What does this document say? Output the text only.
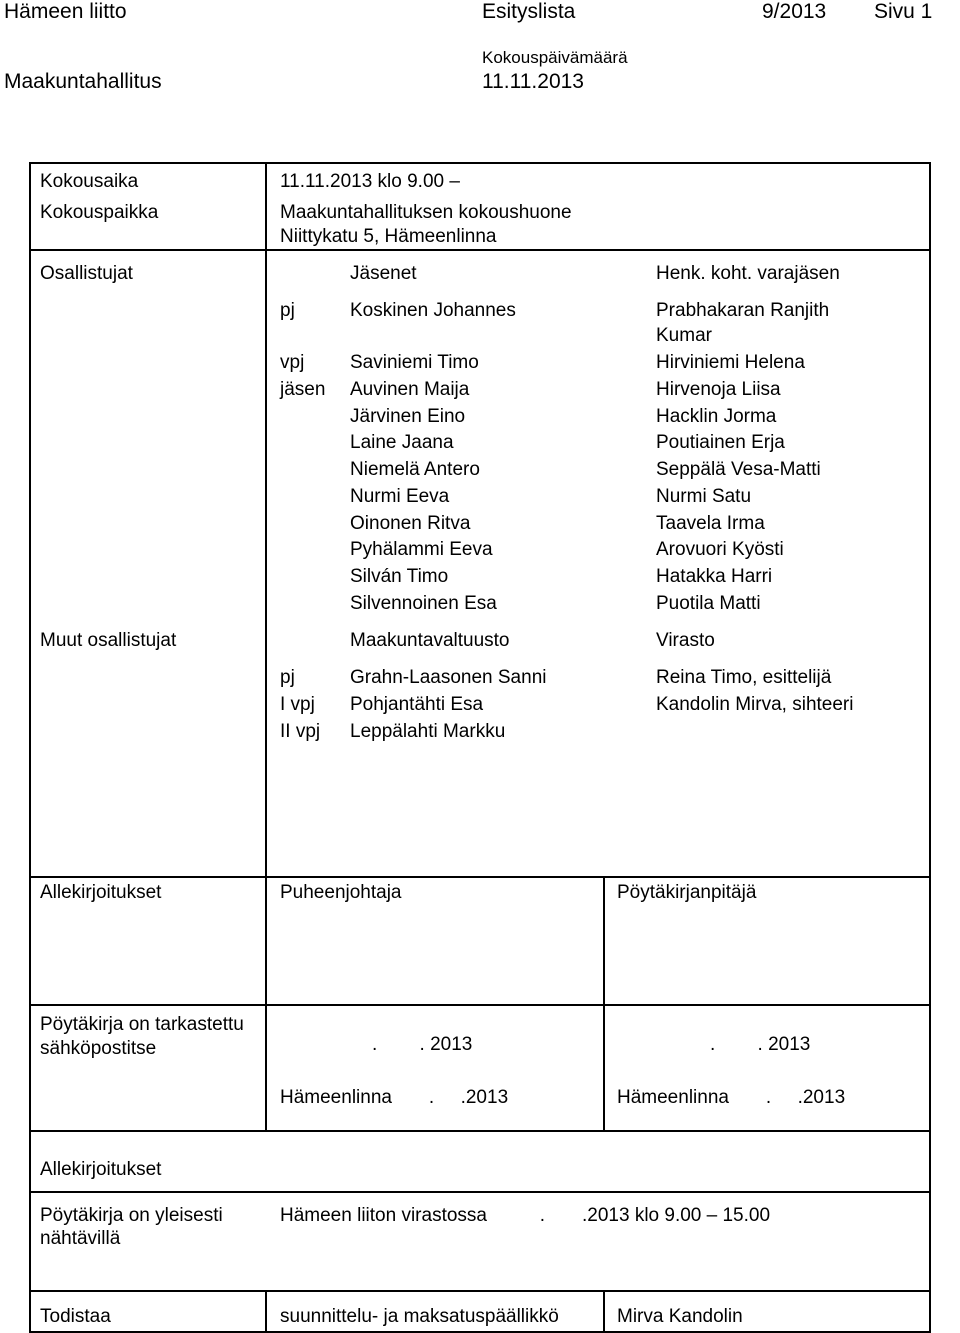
Hämeen liitto	Esityslista	9/2013 Sivu 1
Kokouspäivämäärä
Maakuntahallitus	11.11.2013
Kokousaika	11.11.2013 klo 9.00 –
Kokouspaikka	Maakuntahallituksen kokoushuone
Niittykatu 5, Hämeenlinna
Osallistujat	Jäsenet	Henk. koht. varajäsen
pj	Koskinen Johannes	Prabhakaran Ranjith
Kumar
vpj Saviniemi Timo	Hirviniemi Helena
jäsen Auvinen Maija	Hirvenoja Liisa
Järvinen Eino	Hacklin Jorma
Laine Jaana	Poutiainen Erja
Niemelä Antero	Seppälä Vesa-Matti
Nurmi Eeva	Nurmi Satu
Oinonen Ritva	Taavela Irma
Pyhälammi Eeva	Arovuori Kyösti
Silván Timo	Hatakka Harri
Silvennoinen Esa	Puotila Matti
Muut osallistujat	Maakuntavaltuusto	Virasto
pj	Grahn-Laasonen Sanni	Reina Timo, esittelijä
I vpj Pohjantähti Esa	Kandolin Mirva, sihteeri
II vpj Leppälahti Markku
Allekirjoitukset	Puheenjohtaja	Pöytäkirjanpitäjä
Pöytäkirja on tarkastettu
sähköpostitse	.        . 2013	.        . 2013
Hämeenlinna       .     .2013	Hämeenlinna       .     .2013
Allekirjoitukset
Pöytäkirja on yleisesti
nähtävillä
Hämeen liiton virastossa          .       .2013 klo 9.00 – 15.00
Todistaa	suunnittelu- ja maksatuspäällikkö	Mirva Kandolin
